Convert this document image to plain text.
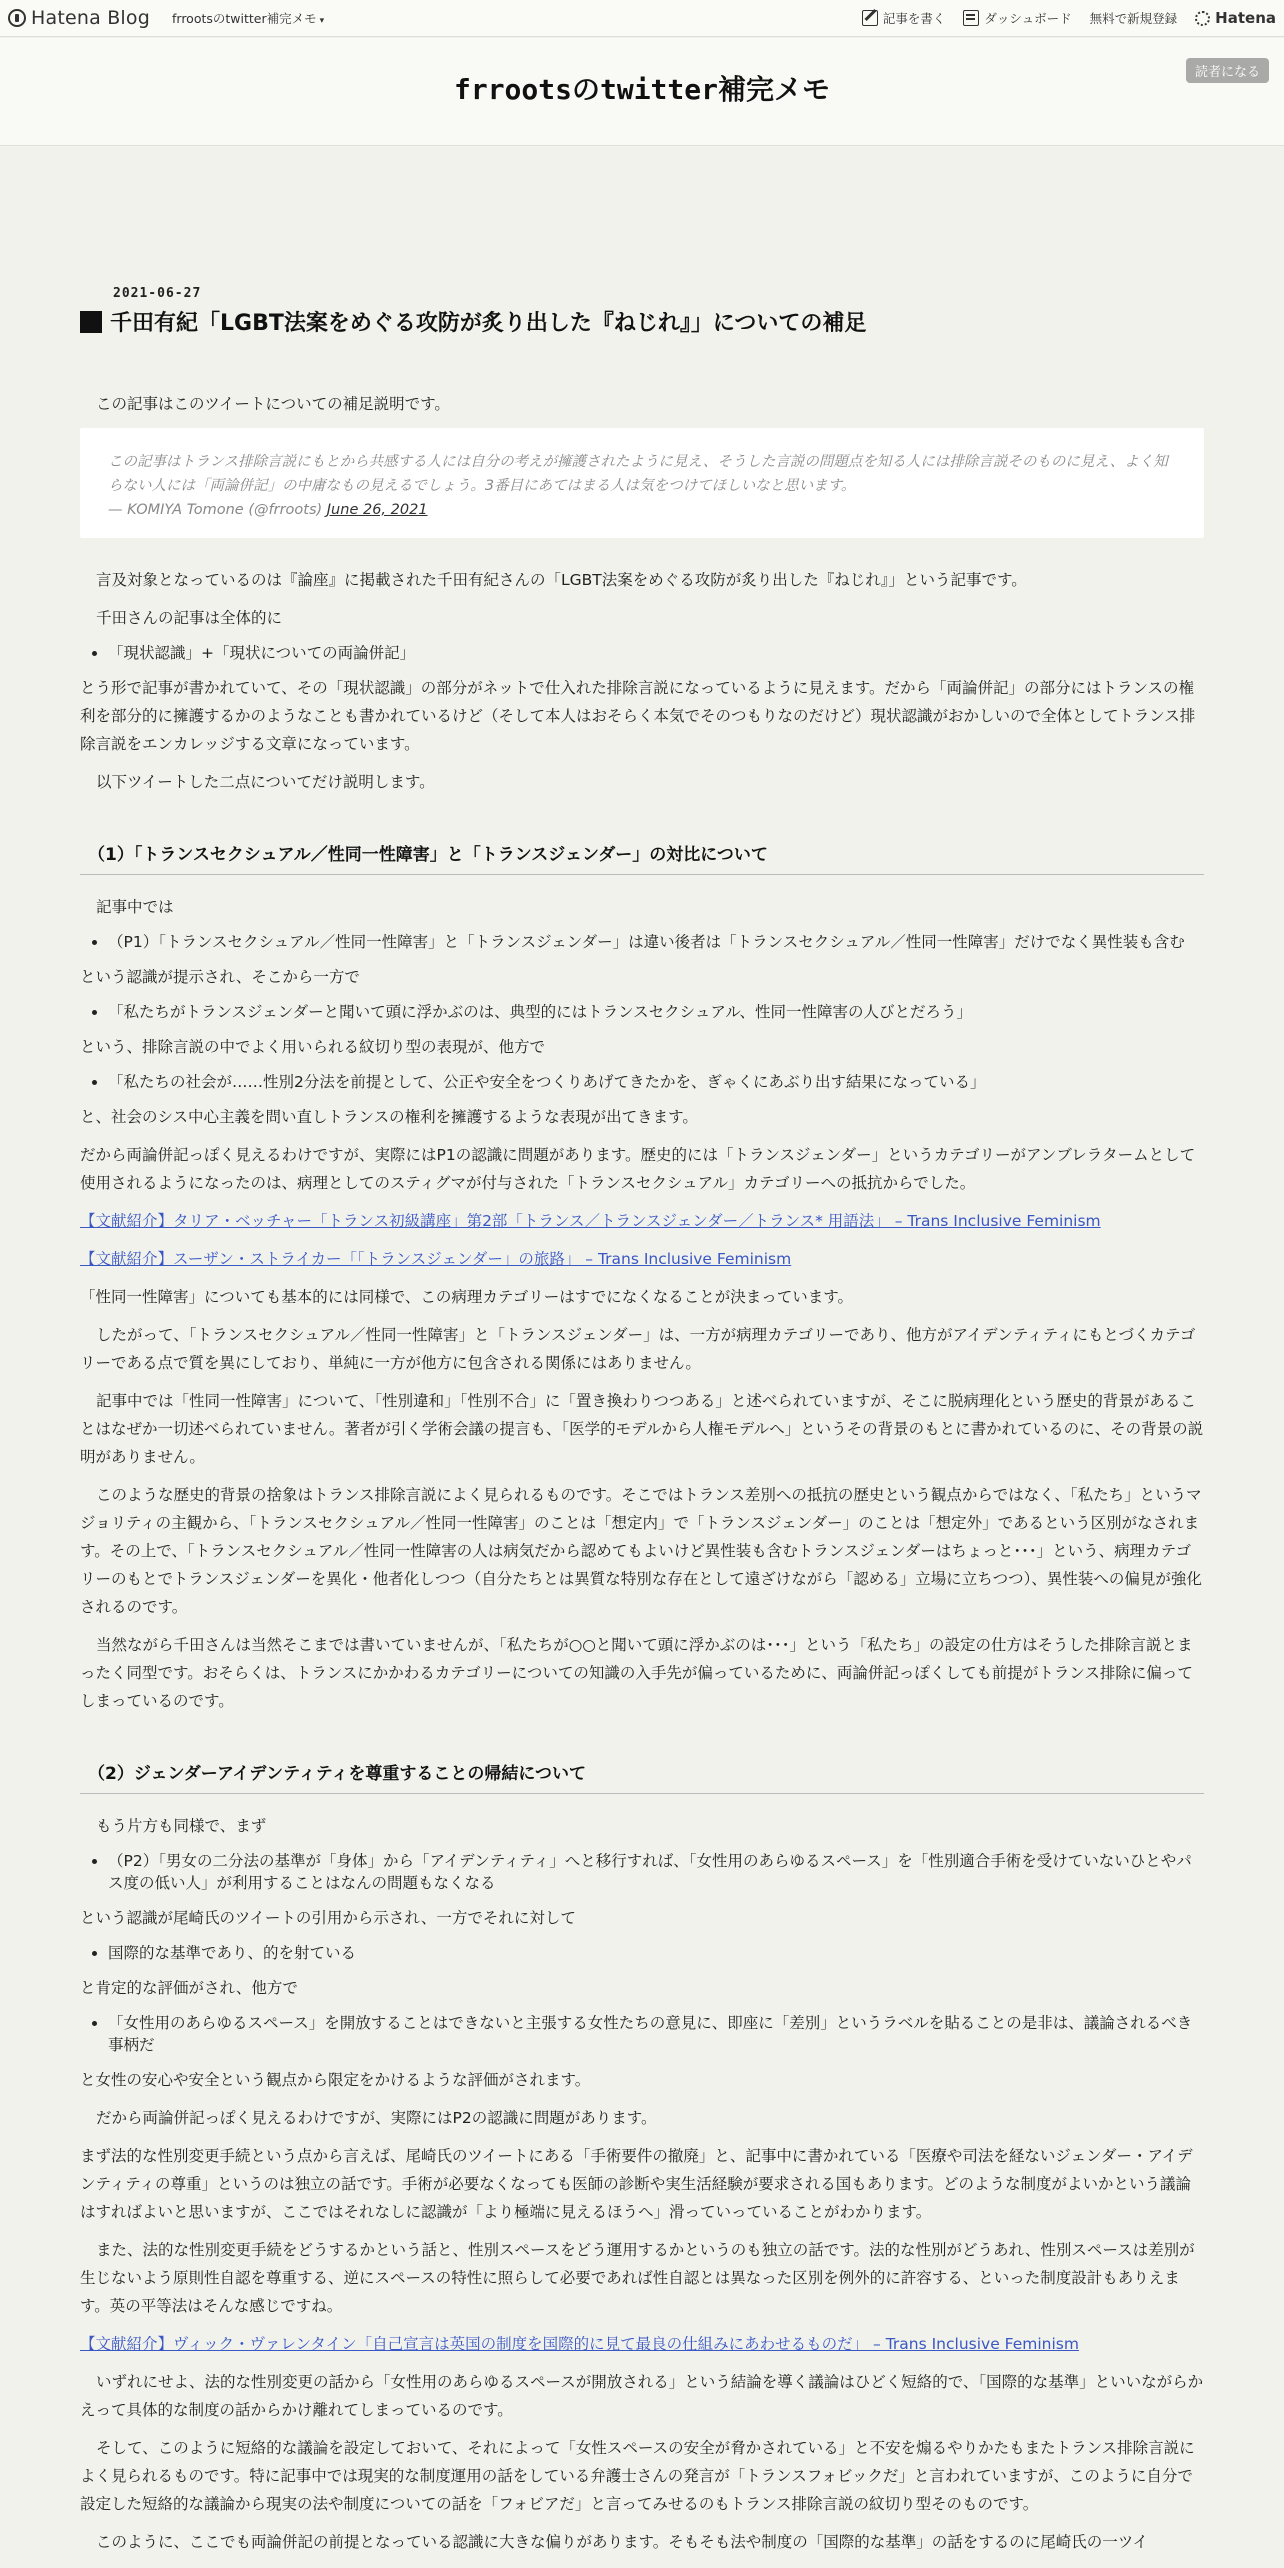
Hatena Blog frrootsのtwitter補完メモ ▾	記事を書く	ダッシュボード 無料で新規登録	Hatena
frrootsのtwitter補完メモ
読者になる
2021-06-27
千田有紀「LGBT法案をめぐる攻防が炙り出した『ねじれ』」についての補足

この記事はこのツイートについての補足説明です。

この記事はトランス排除言説にもとから共感する人には自分の考えが擁護されたように見え、そうした言説の問題点を知る人には排除言説そのものに見え、よく知らない人には「両論併記」の中庸なもの見えるでしょう。3番目にあてはまる人は気をつけてほしいなと思います。
— KOMIYA Tomone (@frroots) June 26, 2021

言及対象となっているのは『論座』に掲載された千田有紀さんの「LGBT法案をめぐる攻防が炙り出した『ねじれ』」という記事です。

千田さんの記事は全体的に

• 「現状認識」+「現状についての両論併記」

とう形で記事が書かれていて、その「現状認識」の部分がネットで仕入れた排除言説になっているように見えます。だから「両論併記」の部分にはトランスの権利を部分的に擁護するかのようなことも書かれているけど（そして本人はおそらく本気でそのつもりなのだけど）現状認識がおかしいので全体としてトランス排除言説をエンカレッジする文章になっています。

以下ツイートした二点についてだけ説明します。

（1）「トランスセクシュアル／性同一性障害」と「トランスジェンダー」の対比について

記事中では

• （P1）「トランスセクシュアル／性同一性障害」と「トランスジェンダー」は違い後者は「トランスセクシュアル／性同一性障害」だけでなく異性装も含む

という認識が提示され、そこから一方で

• 「私たちがトランスジェンダーと聞いて頭に浮かぶのは、典型的にはトランスセクシュアル、性同一性障害の人びとだろう」

という、排除言説の中でよく用いられる紋切り型の表現が、他方で

• 「私たちの社会が……性別2分法を前提として、公正や安全をつくりあげてきたかを、ぎゃくにあぶり出す結果になっている」

と、社会のシス中心主義を問い直しトランスの権利を擁護するような表現が出てきます。

だから両論併記っぽく見えるわけですが、実際にはP1の認識に問題があります。歴史的には「トランスジェンダー」というカテゴリーがアンブレラタームとして使用されるようになったのは、病理としてのスティグマが付与された「トランスセクシュアル」カテゴリーへの抵抗からでした。

【文献紹介】タリア・ベッチャー「トランス初級講座」第2部「トランス／トランスジェンダー／トランス* 用語法」 – Trans Inclusive Feminism

【文献紹介】スーザン・ストライカー「「トランスジェンダー」の旅路」 – Trans Inclusive Feminism

「性同一性障害」についても基本的には同様で、この病理カテゴリーはすでになくなることが決まっています。

したがって、「トランスセクシュアル／性同一性障害」と「トランスジェンダー」は、一方が病理カテゴリーであり、他方がアイデンティティにもとづくカテゴリーである点で質を異にしており、単純に一方が他方に包含される関係にはありません。

記事中では「性同一性障害」について、「性別違和」「性別不合」に「置き換わりつつある」と述べられていますが、そこに脱病理化という歴史的背景があることはなぜか一切述べられていません。著者が引く学術会議の提言も、「医学的モデルから人権モデルへ」というその背景のもとに書かれているのに、その背景の説明がありません。

このような歴史的背景の捨象はトランス排除言説によく見られるものです。そこではトランス差別への抵抗の歴史という観点からではなく、「私たち」というマジョリティの主観から、「トランスセクシュアル／性同一性障害」のことは「想定内」で「トランスジェンダー」のことは「想定外」であるという区別がなされます。その上で、「トランスセクシュアル／性同一性障害の人は病気だから認めてもよいけど異性装も含むトランスジェンダーはちょっと･･･」という、病理カテゴリーのもとでトランスジェンダーを異化・他者化しつつ（自分たちとは異質な特別な存在として遠ざけながら「認める」立場に立ちつつ）、異性装への偏見が強化されるのです。

当然ながら千田さんは当然そこまでは書いていませんが、「私たちが○○と聞いて頭に浮かぶのは･･･」という「私たち」の設定の仕方はそうした排除言説とまったく同型です。おそらくは、トランスにかかわるカテゴリーについての知識の入手先が偏っているために、両論併記っぽくしても前提がトランス排除に偏ってしまっているのです。

（2）ジェンダーアイデンティティを尊重することの帰結について

もう片方も同様で、まず

• （P2）「男女の二分法の基準が「身体」から「アイデンティティ」へと移行すれば、「女性用のあらゆるスペース」を「性別適合手術を受けていないひとやパス度の低い人」が利用することはなんの問題もなくなる

という認識が尾崎氏のツイートの引用から示され、一方でそれに対して

• 国際的な基準であり、的を射ている

と肯定的な評価がされ、他方で

• 「女性用のあらゆるスペース」を開放することはできないと主張する女性たちの意見に、即座に「差別」というラベルを貼ることの是非は、議論されるべき事柄だ

と女性の安心や安全という観点から限定をかけるような評価がされます。

だから両論併記っぽく見えるわけですが、実際にはP2の認識に問題があります。

まず法的な性別変更手続という点から言えば、尾崎氏のツイートにある「手術要件の撤廃」と、記事中に書かれている「医療や司法を経ないジェンダー・アイデンティティの尊重」というのは独立の話です。手術が必要なくなっても医師の診断や実生活経験が要求される国もあります。どのような制度がよいかという議論はすればよいと思いますが、ここではそれなしに認識が「より極端に見えるほうへ」滑っていっていることがわかります。

また、法的な性別変更手続をどうするかという話と、性別スペースをどう運用するかというのも独立の話です。法的な性別がどうあれ、性別スペースは差別が生じないよう原則性自認を尊重する、逆にスペースの特性に照らして必要であれば性自認とは異なった区別を例外的に許容する、といった制度設計もありえます。英の平等法はそんな感じですね。

【文献紹介】ヴィック・ヴァレンタイン「自己宣言は英国の制度を国際的に見て最良の仕組みにあわせるものだ」 – Trans Inclusive Feminism

いずれにせよ、法的な性別変更の話から「女性用のあらゆるスペースが開放される」という結論を導く議論はひどく短絡的で、「国際的な基準」といいながらかえって具体的な制度の話からかけ離れてしまっているのです。

そして、このように短絡的な議論を設定しておいて、それによって「女性スペースの安全が脅かされている」と不安を煽るやりかたもまたトランス排除言説によく見られるものです。特に記事中では現実的な制度運用の話をしている弁護士さんの発言が「トランスフォビックだ」と言われていますが、このように自分で設定した短絡的な議論から現実の法や制度についての話を「フォビアだ」と言ってみせるのもトランス排除言説の紋切り型そのものです。

このように、ここでも両論併記の前提となっている認識に大きな偏りがあります。そもそも法や制度の「国際的な基準」の話をするのに尾崎氏の一ツイ
